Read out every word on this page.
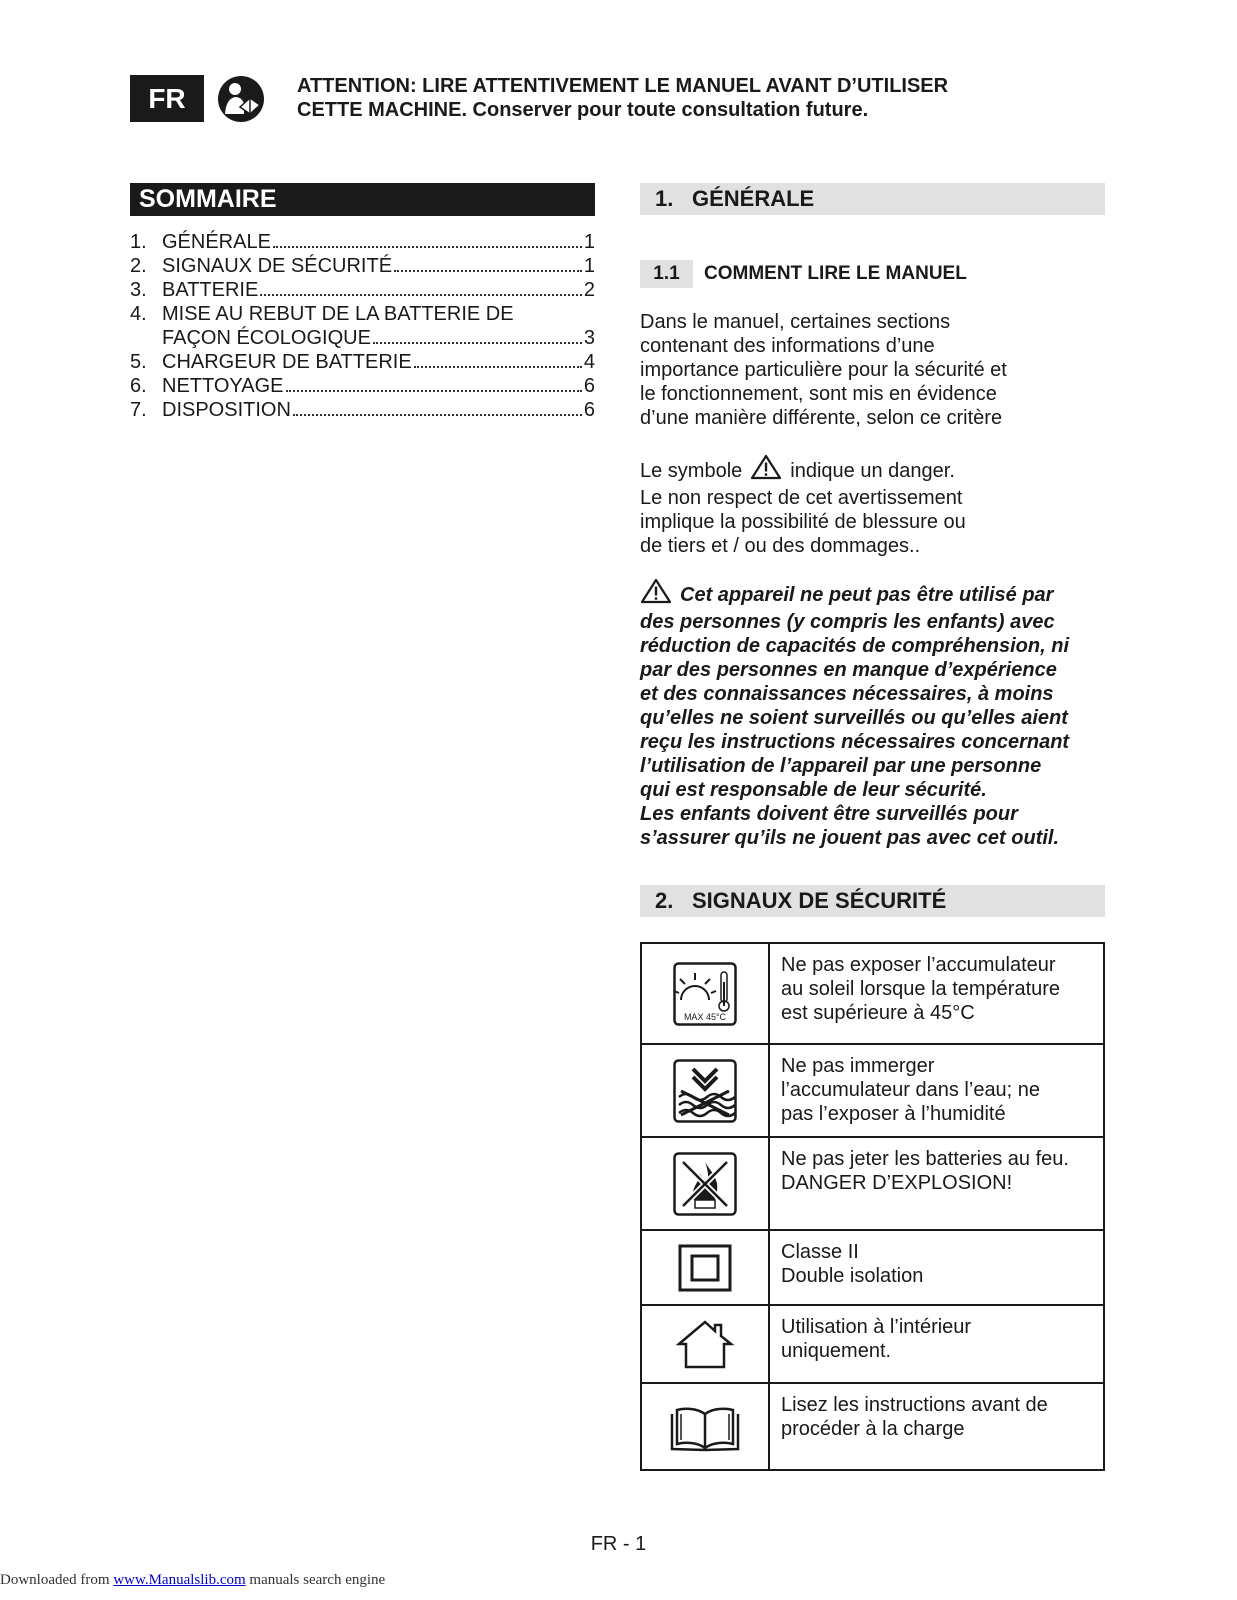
FR	ATTENTION: LIRE ATTENTIVEMENT LE MANUEL AVANT D’UTILISER
CETTE MACHINE. Conserver pour toute consultation future.
SOMMAIRE
1. GÉNÉRALE	1
2. SIGNAUX DE SÉCURITÉ	1
3. BATTERIE	2
4. MISE AU REBUT DE LA BATTERIE DE
FAÇON ÉCOLOGIQUE	3
5. CHARGEUR DE BATTERIE	4
6. NETTOYAGE	6
7. DISPOSITION	6
1. GÉNÉRALE
1.1	COMMENT LIRE LE MANUEL
Dans le manuel, certaines sections
contenant des informations d’une
importance particulière pour la sécurité et
le fonctionnement, sont mis en évidence
d’une manière différente, selon ce critère
Le symbole indique un danger.
Le non respect de cet avertissement
implique la possibilité de blessure ou
de tiers et / ou des dommages..
Cet appareil ne peut pas être utilisé par
des personnes (y compris les enfants) avec
réduction de capacités de compréhension, ni
par des personnes en manque d’expérience
et des connaissances nécessaires, à moins
qu’elles ne soient surveillés ou qu’elles aient
reçu les instructions nécessaires concernant
l’utilisation de l’appareil par une personne
qui est responsable de leur sécurité.
Les enfants doivent être surveillés pour
s’assurer qu’ils ne jouent pas avec cet outil.
2. SIGNAUX DE SÉCURITÉ
MAX 45°C	Ne pas exposer l’accumulateur
au soleil lorsque la température
est supérieure à 45°C

Ne pas immerger
l’accumulateur dans l’eau; ne
pas l’exposer à l’humidité

Ne pas jeter les batteries au feu.
DANGER D’EXPLOSION!

Classe II
Double isolation

Utilisation à l’intérieur
uniquement.

Lisez les instructions avant de
procéder à la charge
FR - 1
Downloaded from www.Manualslib.com manuals search engine
